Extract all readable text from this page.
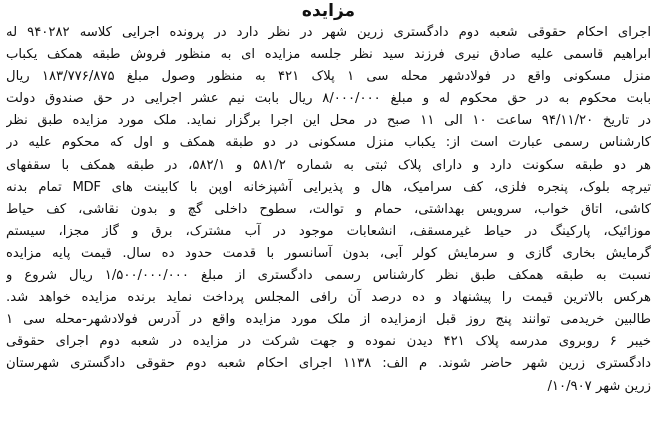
مزایده
اجرای احکام حقوقی شعبه دوم دادگستری زرین شهر در نظر دارد در پرونده اجرایی کلاسه ۹۴۰۲۸۲ له
ابراهیم قاسمی علیه صادق نیری فرزند سید نظر جلسه مزایده ای به منظور فروش طبقه همکف یکباب
منزل مسکونی واقع در فولادشهر محله سی ۱ پلاک ۴۲۱ به منظور وصول مبلغ ۱۸۳/۷۷۶/۸۷۵ ریال
بابت محکوم به در حق محکوم له و مبلغ ۸/۰۰۰/۰۰۰ ریال بابت نیم عشر اجرایی در حق صندوق دولت
در تاریخ ۹۴/۱۱/۲۰ ساعت ۱۰ الی ۱۱ صبح در محل این اجرا برگزار نماید. ملک مورد مزایده طبق نظر
کارشناس رسمی عبارت است از: یکباب منزل مسکونی در دو طبقه همکف و اول که محکوم علیه در
هر دو طبقه سکونت دارد و دارای پلاک ثبتی به شماره ۵۸۱/۲ و ۵۸۲/۱، در طبقه همکف با سقفهای
تیرچه بلوک، پنجره فلزی، کف سرامیک، هال و پذیرایی آشپزخانه اوپن با کابینت های MDF تمام بدنه
کاشی، اتاق خواب، سرویس بهداشتی، حمام و توالت، سطوح داخلی گچ و بدون نقاشی، کف حیاط
موزائیک، پارکینگ در حیاط غیرمسقف، انشعابات موجود در آب مشترک، برق و گاز مجزا، سیستم
گرمایش بخاری گازی و سرمایش کولر آبی، بدون آسانسور با قدمت حدود ده سال. قیمت پایه مزایده
نسبت به طبقه همکف طبق نظر کارشناس رسمی دادگستری از مبلغ ۱/۵۰۰/۰۰۰/۰۰۰ ریال شروع و
هرکس بالاترین قیمت را پیشنهاد و ده درصد آن رافی المجلس پرداخت نماید برنده مزایده خواهد شد.
طالبین خریدمی توانند پنج روز قبل ازمزایده از ملک مورد مزایده واقع در آدرس فولادشهر-محله سی ۱
خیبر ۶ روبروی مدرسه پلاک ۴۲۱ دیدن نموده و جهت شرکت در مزایده در شعبه دوم اجرای حقوقی
دادگستری زرین شهر حاضر شوند. م الف: ۱۱۳۸ اجرای احکام شعبه دوم حقوقی دادگستری شهرستان
زرین شهر ۱۰/۹۰۷/
